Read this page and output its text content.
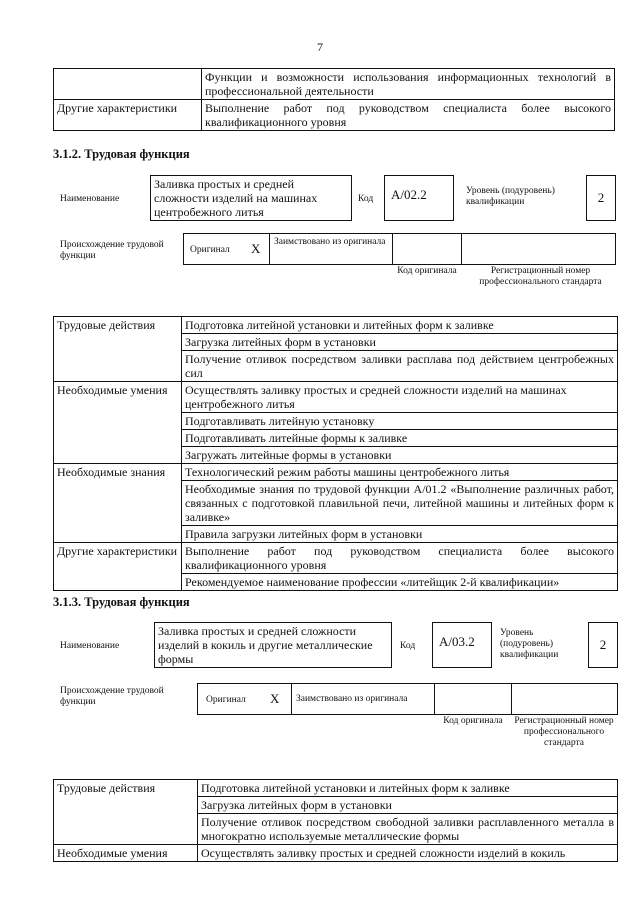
7
	Функции и возможности использования информационных технологий в профессиональной деятельности
Другие характеристики	Выполнение работ под руководством специалиста более высокого квалификационного уровня
3.1.2. Трудовая функция
Наименование
Заливка простых и средней сложности изделий на машинах центробежного литья
Код	A/02.2	Уровень (подуровень) квалификации	2
Происхождение трудовой функции
Оригинал X	Заимствовано из оригинала
Код оригинала	Регистрационный номер профессионального стандарта
Трудовые действия	Подготовка литейной установки и литейных форм к заливке
	Загрузка литейных форм в установки
	Получение отливок посредством заливки расплава под действием центробежных сил
Необходимые умения	Осуществлять заливку простых и средней сложности изделий на машинах центробежного литья
	Подготавливать литейную установку
	Подготавливать литейные формы к заливке
	Загружать литейные формы в установки
Необходимые знания	Технологический режим работы машины центробежного литья
	Необходимые знания по трудовой функции A/01.2 «Выполнение различных работ, связанных с подготовкой плавильной печи, литейной машины и литейных форм к заливке»
	Правила загрузки литейных форм в установки
Другие характеристики	Выполнение работ под руководством специалиста более высокого квалификационного уровня
	Рекомендуемое наименование профессии «литейщик 2-й квалификации»
3.1.3. Трудовая функция
Наименование
Заливка простых и средней сложности изделий в кокиль и другие металлические формы
Код	A/03.2
Уровень (подуровень) квалификации
2
Происхождение трудовой функции	Оригинал X	Заимствовано из оригинала
Код оригинала	Регистрационный номер профессионального стандарта
Трудовые действия	Подготовка литейной установки и литейных форм к заливке
	Загрузка литейных форм в установки
	Получение отливок посредством свободной заливки расплавленного металла в многократно используемые металлические формы
Необходимые умения	Осуществлять заливку простых и средней сложности изделий в кокиль
